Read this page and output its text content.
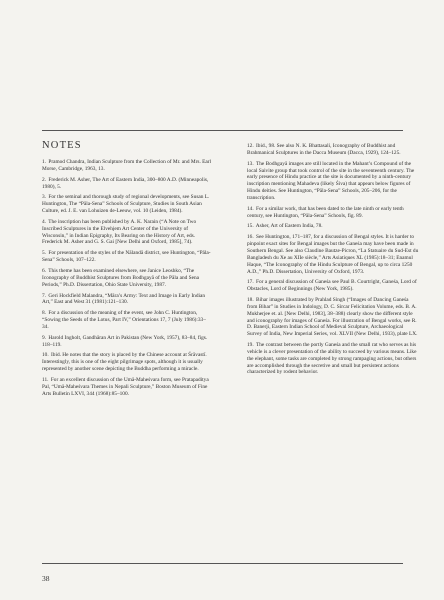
NOTES

1. Pramod Chandra, Indian Sculpture from the Collection of Mr. and Mrs. Earl Morse, Cambridge, 1963, 13.

2. Frederick M. Asher, The Art of Eastern India, 300–800 A.D. (Minneapolis, 1980), 5.

3. For the seminal and thorough study of regional developments, see Susan L. Huntington, The “Pāla-Sena” Schools of Sculpture, Studies in South Asian Culture, ed. J. E. van Lohuizen de-Leeuw, vol. 10 (Leiden, 1984).

4. The inscription has been published by A. K. Narain (“A Note on Two Inscribed Sculptures in the Elvehjem Art Center of the University of Wisconsin,” in Indian Epigraphy, Its Bearing on the History of Art, eds. Frederick M. Asher and G. S. Gai [New Delhi and Oxford, 1985], 74).

5. For presentation of the styles of the Nālandā district, see Huntington, “Pāla-Sena” Schools, 107–122.

6. This theme has been examined elsewhere, see Janice Leoshko, “The Iconography of Buddhist Sculptures from Bodhgayā of the Pāla and Sena Periods,” Ph.D. Dissertation, Ohio State University, 1987.

7. Geri Hockfield Malandra, “Māra’s Army: Text and Image in Early Indian Art,” East and West 31 (1981):121–130.

8. For a discussion of the meaning of the event, see John C. Huntington, “Sowing the Seeds of the Lotus, Part IV,” Orientations 17, 7 (July 1986):33–34.

9. Harold Ingholt, Gandhāran Art in Pakistan (New York, 1957), 83–84, figs. 118–119.

10. Ibid. He notes that the story is placed by the Chinese account at Śrāvastī. Interestingly, this is one of the eight pilgrimage spots, although it is usually represented by another scene depicting the Buddha performing a miracle.

11. For an excellent discussion of the Umā-Maheśvara form, see Pratapaditya Pal, “Umā-Maheśvara Themes in Nepali Sculpture,” Boston Museum of Fine Arts Bulletin LXVI, 344 (1968):85–100.

12. Ibid., 98. See also N. K. Bhattasali, Iconography of Buddhist and Brahmanical Sculptures in the Dacca Museum (Dacca, 1929), 124–125.

13. The Bodhgayā images are still located in the Mahant’s Compound of the local Saivite group that took control of the site in the seventeenth century. The early presence of Hindu practice at the site is documented by a ninth-century inscription mentioning Mahadeva (likely Śiva) that appears below figures of Hindu deities. See Huntington, “Pāla-Sena” Schools, 205–206, for the transcription.

14. For a similar work, that has been dated to the late ninth or early tenth century, see Huntington, “Pāla-Sena” Schools, fig. 89.

15. Asher, Art of Eastern India, 78.

16. See Huntington, 171–187, for a discussion of Bengal styles. It is harder to pinpoint exact sites for Bengal images but the Ganeśa may have been made in Southern Bengal. See also Claudine Bautze-Picron, “La Statuaire du Sud-Est du Bangladesh du Xe au XIIe siècle,” Arts Asiatiques XL (1985):18–31; Enamul Haque, “The Iconography of the Hindu Sculpture of Bengal, up to circa 1250 A.D.,” Ph.D. Dissertation, University of Oxford, 1973.

17. For a general discussion of Ganeśa see Paul B. Courtright, Ganeśa, Lord of Obstacles, Lord of Beginnings (New York, 1985).

18. Bihar images illustrated by Prahlad Singh (“Images of Dancing Ganeśa from Bihar” in Studies in Indology, D. C. Sircar Felicitation Volume, eds. B. A. Mukherjee et. al. [New Delhi, 1983], 38–388) clearly show the different style and iconography for images of Ganeśa. For illustration of Bengal works, see R. D. Banerji, Eastern Indian School of Medieval Sculpture, Archaeological Survey of India, New Imperial Series, vol. XLVII (New Delhi, 1933), plate LX.

19. The contrast between the portly Ganeśa and the small rat who serves as his vehicle is a clever presentation of the ability to succeed by various means. Like the elephant, some tasks are completed by strong rampaging actions, but others are accomplished through the secretive and small but persistent actions characterized by rodent behavior.

38
